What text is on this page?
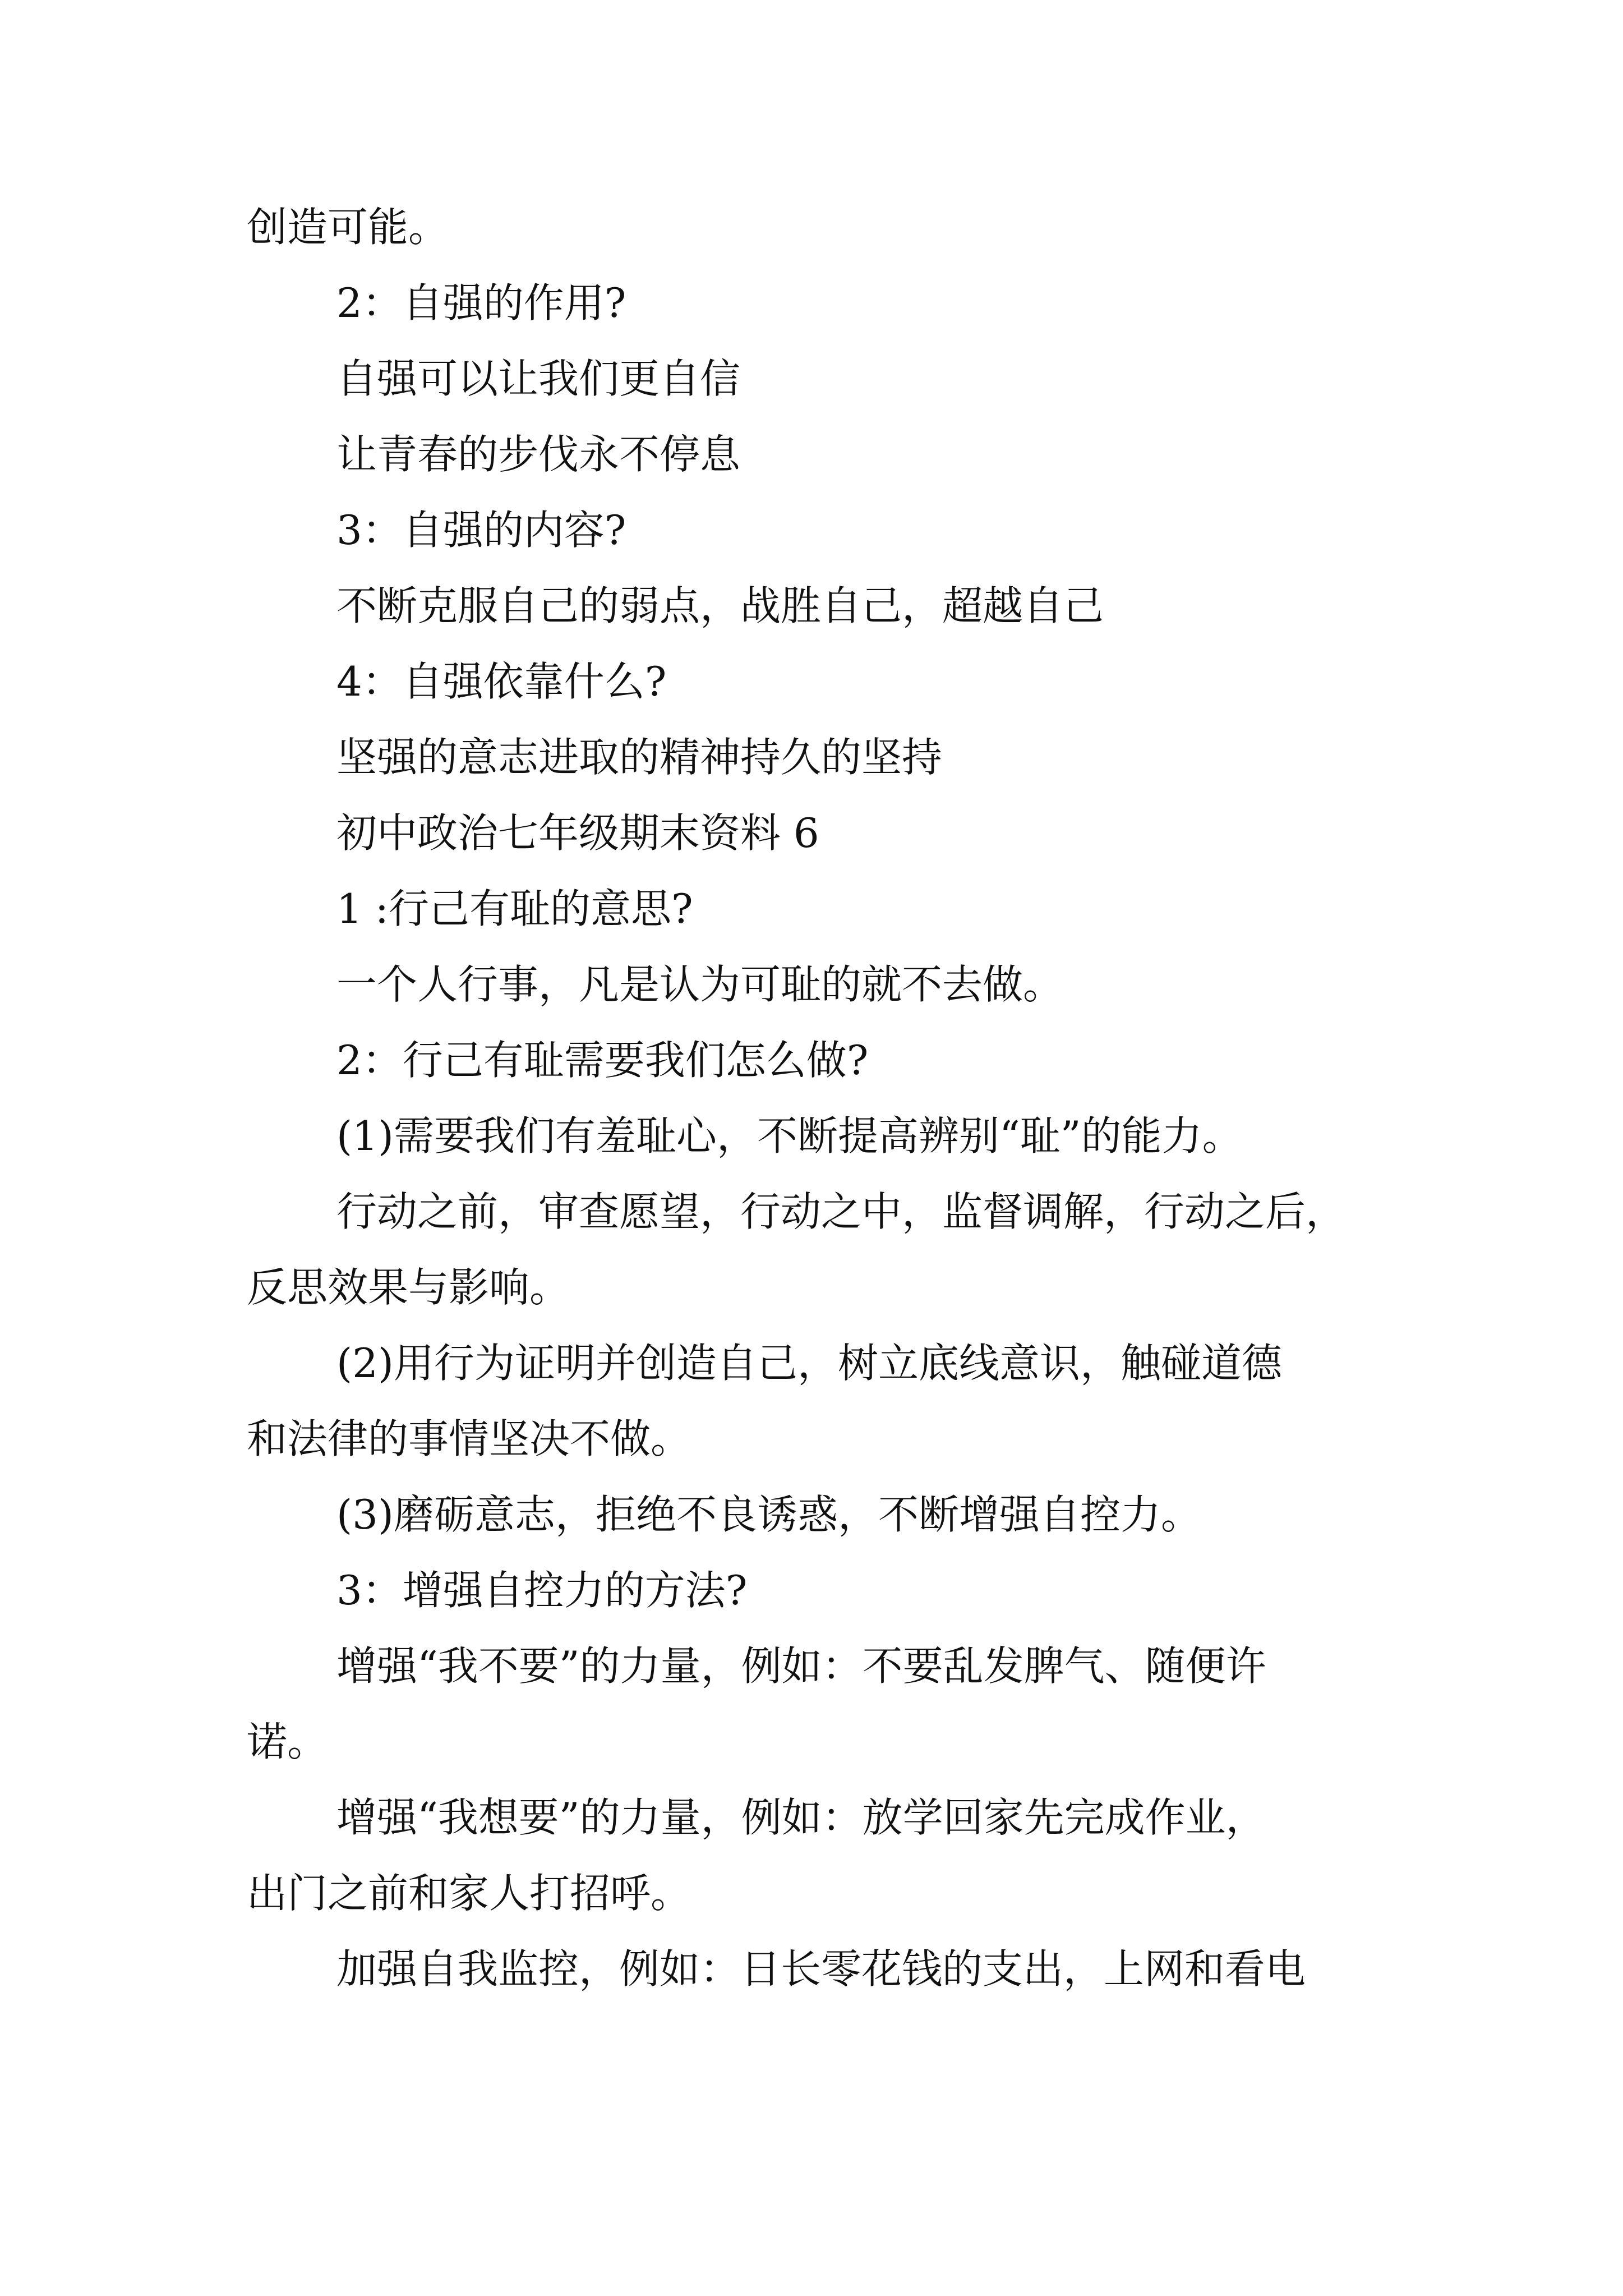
创造可能。

2：自强的作用?

自强可以让我们更自信

让青春的步伐永不停息

3：自强的内容?

不断克服自己的弱点，战胜自己，超越自己

4：自强依靠什么?

坚强的意志进取的精神持久的坚持

初中政治七年级期末资料 6

1 :行己有耻的意思?

一个人行事，凡是认为可耻的就不去做。

2：行己有耻需要我们怎么做?

(1)需要我们有羞耻心，不断提高辨别“耻”的能力。

行动之前，审查愿望，行动之中，监督调解，行动之后，

反思效果与影响。

(2)用行为证明并创造自己，树立底线意识，触碰道德

和法律的事情坚决不做。

(3)磨砺意志，拒绝不良诱惑，不断增强自控力。

3：增强自控力的方法?

增强“我不要”的力量，例如：不要乱发脾气、随便许

诺。

增强“我想要”的力量，例如：放学回家先完成作业，

出门之前和家人打招呼。

加强自我监控，例如：日长零花钱的支出，上网和看电
